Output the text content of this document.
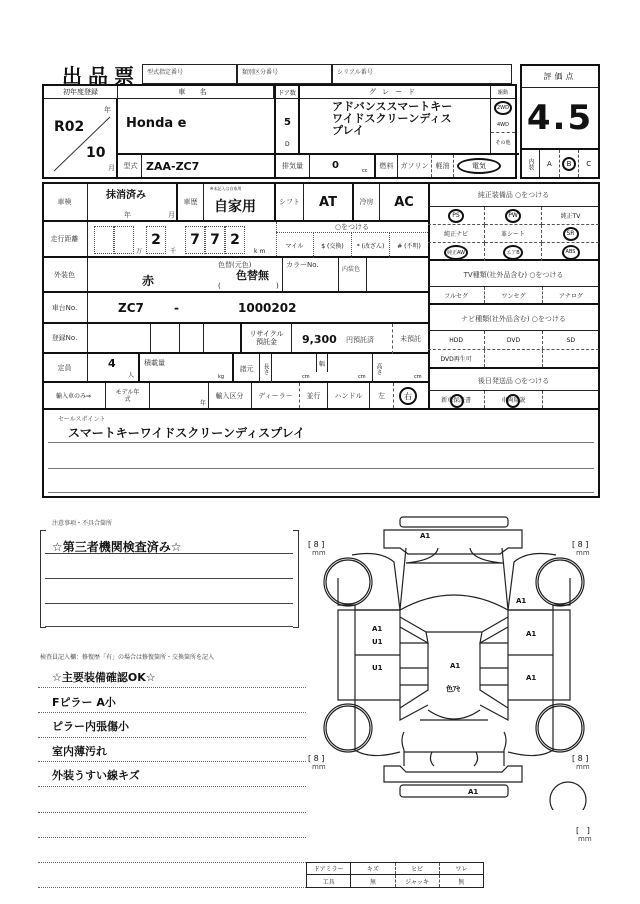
出品票 型式指定番号	類別区分番号	シリアル番号	評価点
4.5
内装	A	B	C
初年度登録
R02
年
10
月
車 名
Honda e
ドア数
5
D
グレード
アドバンススマートキーワイドスクリーンディスプレイ
駆動
2WD
4WD
その他
型式 ZAA-ZC7	排気量	0	cc
燃料	ガソリン	軽油	電気
車検
抹消済み
年	月
車歴
※未記入は自家用
自家用	シフト	AT	冷房	AC
走行距離
万
2
千
7 7 2
km
○をつける
マイル	$ (交換)	* (改ざん)	# (不明)
外装色	赤
色替(元色)
色替無
(	)
カラーNo.
内装色
車台No.	ZC7	-	1000202
登録No.	リサイクル預託金	9,300 円預託済	未預託
定員	4
人
積載量
kg
諸元	長さ
cm
幅
cm
高さ
cm
輸入車のみ⇒
モデル年式
年
輸入区分	ディーラー	並行	ハンドル	左	右
純正装備品 ○をつける
PS	PW	純正TV
純正ナビ	革シート	SR
純正AW	エアB	ABS
TV種類(社外品含む) ○をつける
フルセグ	ワンセグ	アナログ
ナビ種類(社外品含む) ○をつける
HDD	DVD	SD
DVD再生可
後日発送品 ○をつける
新車保証書	車両取説
セールスポイント
スマートキーワイドスクリーンディスプレイ
注意事項・不具合箇所
☆第三者機関検査済み☆
検査員記入欄：修復歴「有」の場合は修復箇所・交換箇所を記入
☆主要装備確認OK☆
Fピラー A小
ピラー内張傷小
室内薄汚れ
外装うすい線キズ
A1
A1
A1
U1
A1
U1	A1
色ｱｾ
A1
A1
[ 8 ]
mm
[ 8 ]
mm
[ 8 ]
mm
[ 8 ]
mm
[   ]
mm
ドアミラー	キズ	ヒビ	ワレ
工具	無	ジャッキ	無
